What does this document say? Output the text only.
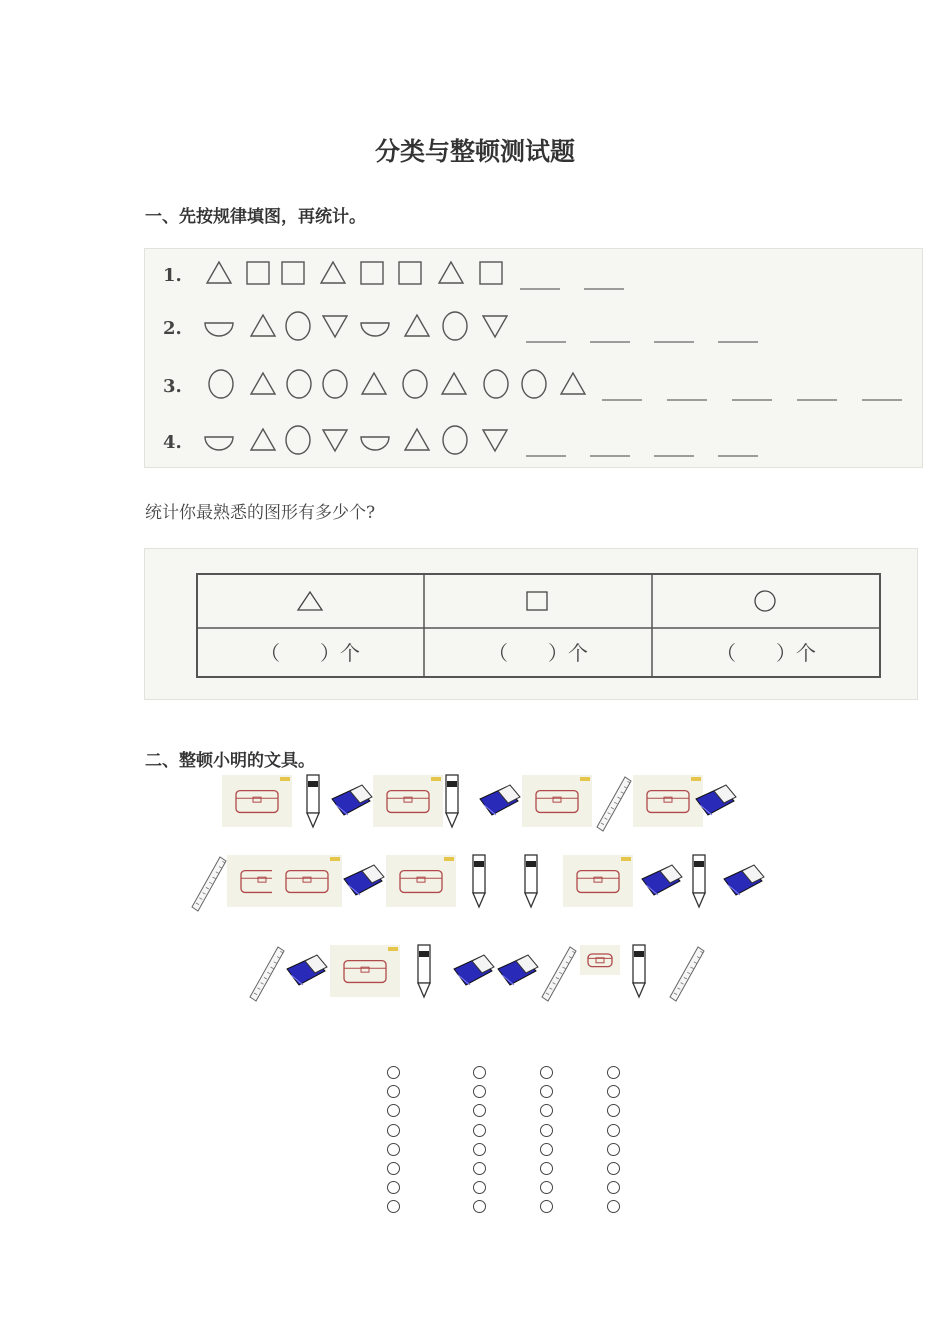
分类与整顿测试题
一、先按规律填图，再统计。
1.
2.
3.
4.
统计你最熟悉的图形有多少个?
（　　）个	（　　）个	（　　）个
二、整顿小明的文具。
